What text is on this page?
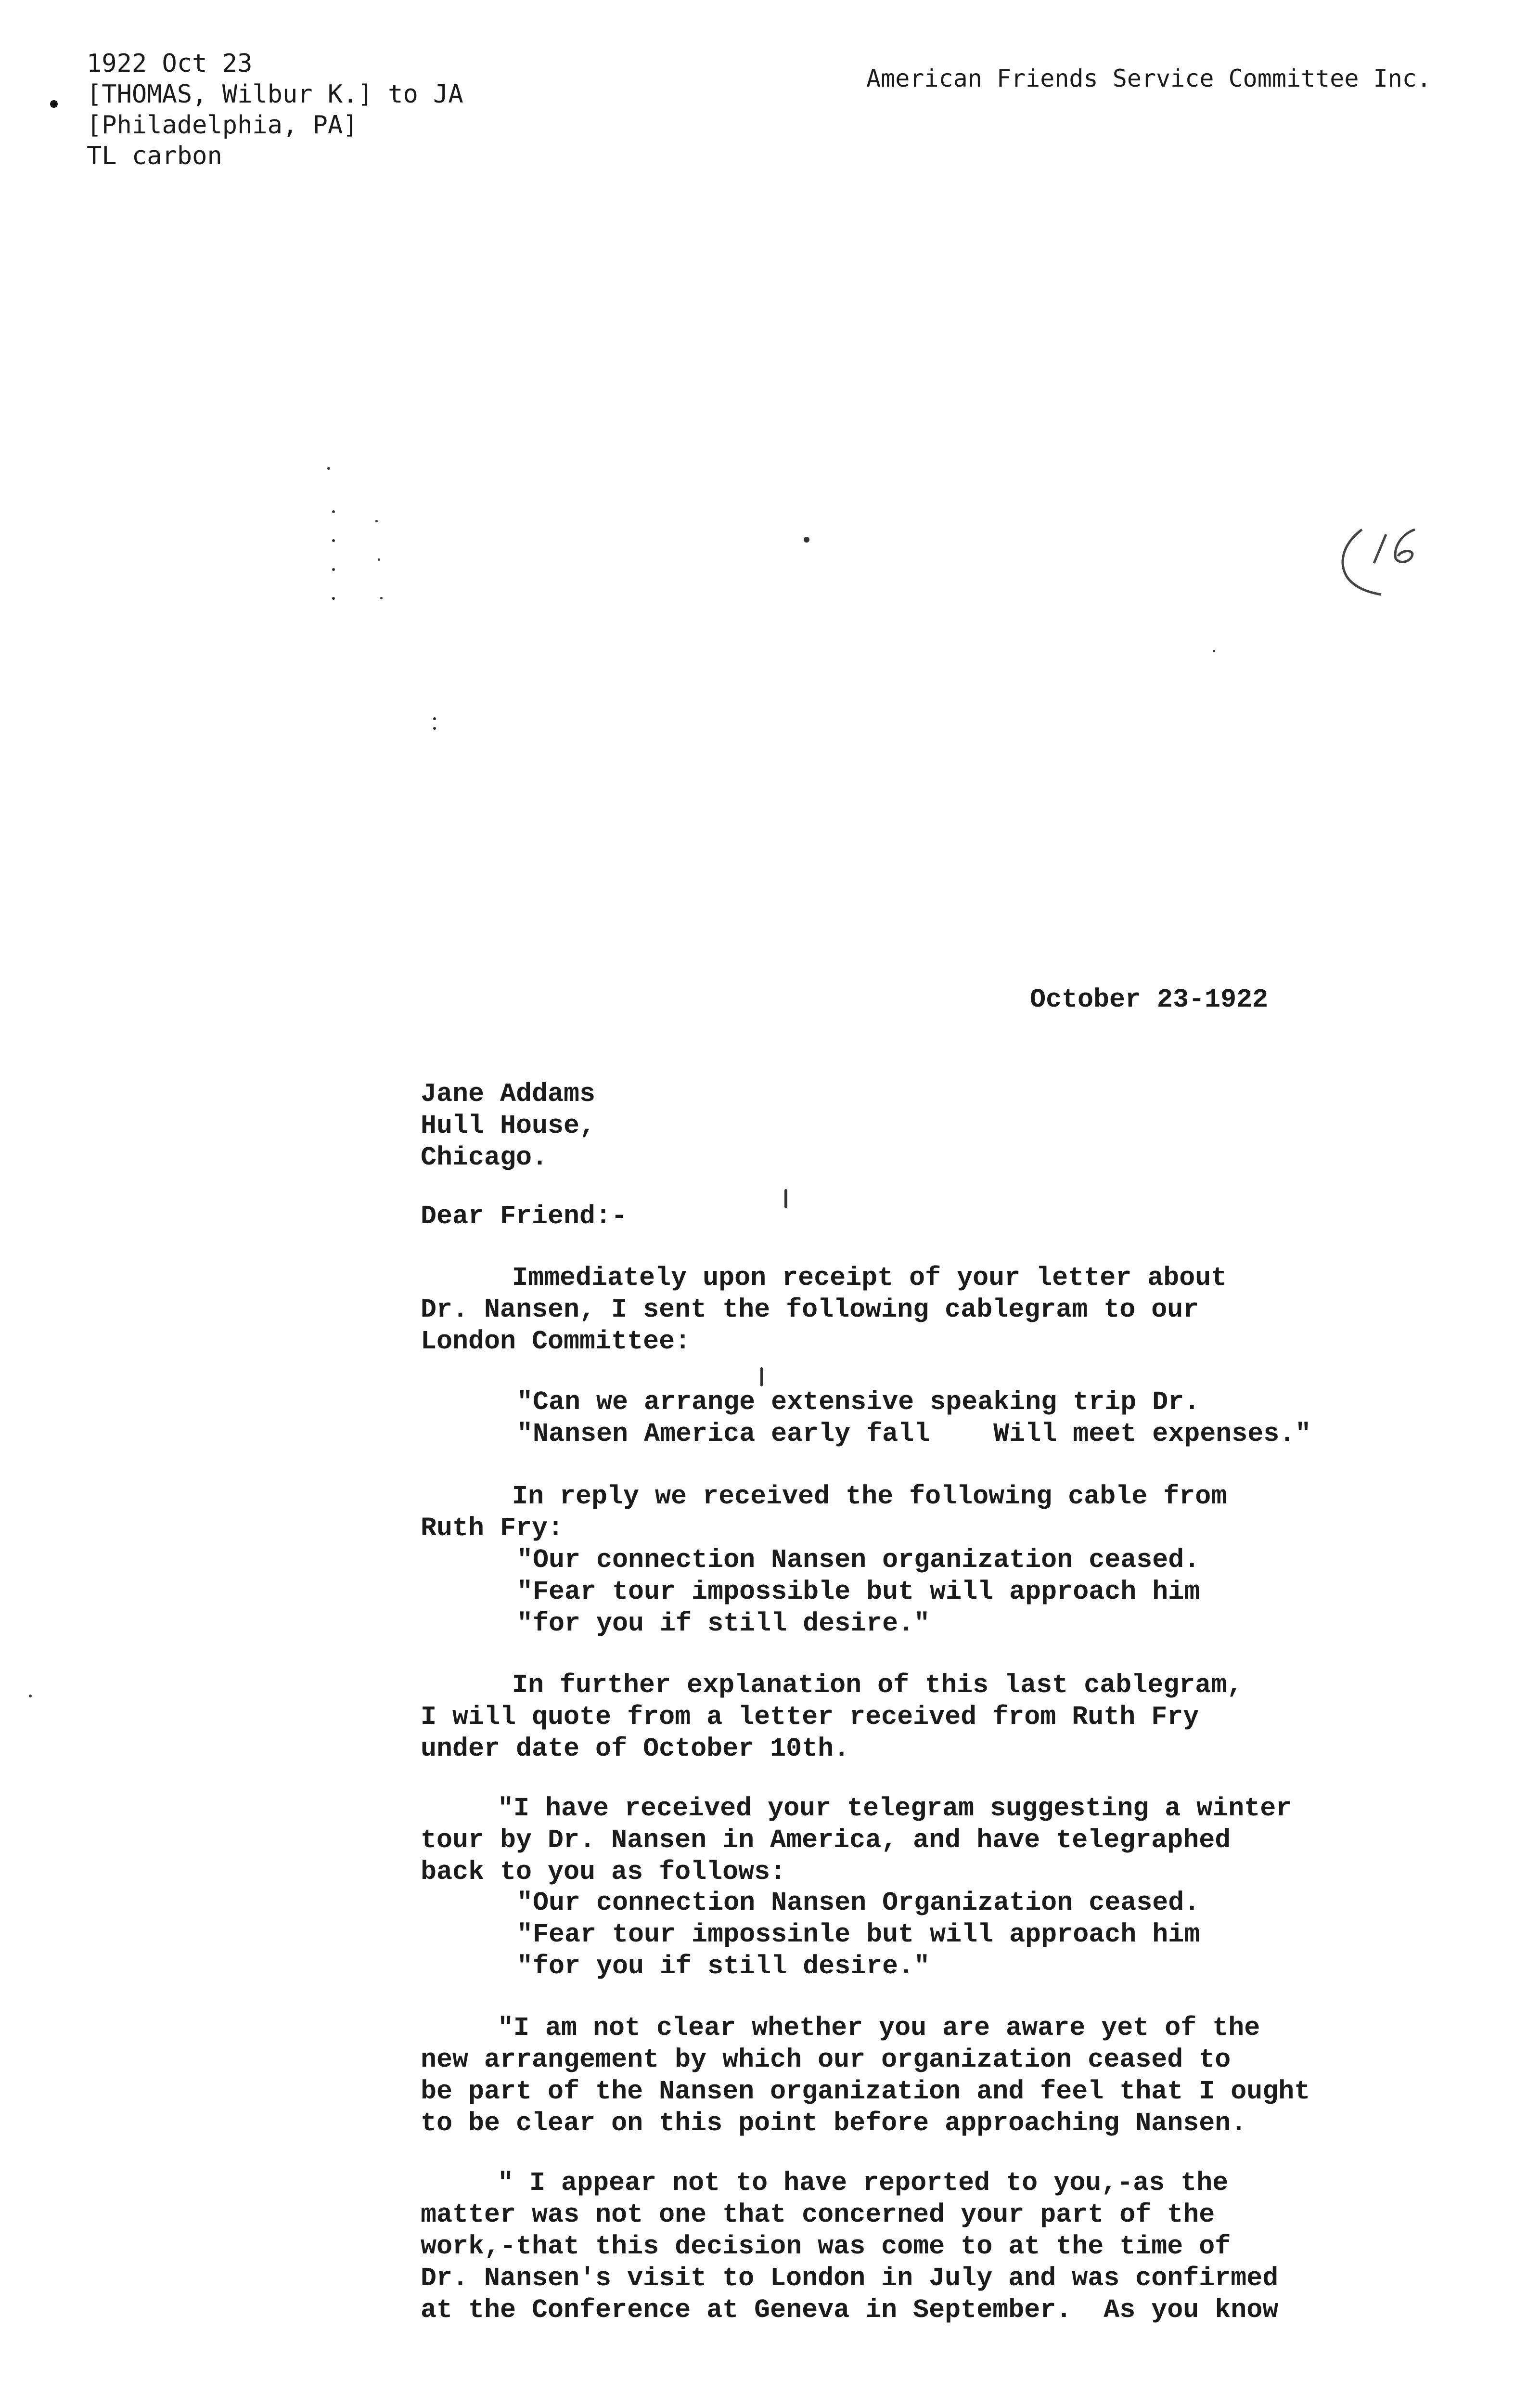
1922 Oct 23
[THOMAS, Wilbur K.] to JA
[Philadelphia, PA]
TL carbon
American Friends Service Committee Inc.
October 23-1922
Jane Addams
Hull House,
Chicago.
Dear Friend:-
Immediately upon receipt of your letter about
Dr. Nansen, I sent the following cablegram to our
London Committee:
"Can we arrange extensive speaking trip Dr.
"Nansen America early fall    Will meet expenses."
In reply we received the following cable from
Ruth Fry:
"Our connection Nansen organization ceased.
"Fear tour impossible but will approach him
"for you if still desire."
In further explanation of this last cablegram,
I will quote from a letter received from Ruth Fry
under date of October 10th.
"I have received your telegram suggesting a winter
tour by Dr. Nansen in America, and have telegraphed
back to you as follows:
"Our connection Nansen Organization ceased.
"Fear tour impossinle but will approach him
"for you if still desire."
"I am not clear whether you are aware yet of the
new arrangement by which our organization ceased to
be part of the Nansen organization and feel that I ought
to be clear on this point before approaching Nansen.
" I appear not to have reported to you,-as the
matter was not one that concerned your part of the
work,-that this decision was come to at the time of
Dr. Nansen's visit to London in July and was confirmed
at the Conference at Geneva in September.  As you know
